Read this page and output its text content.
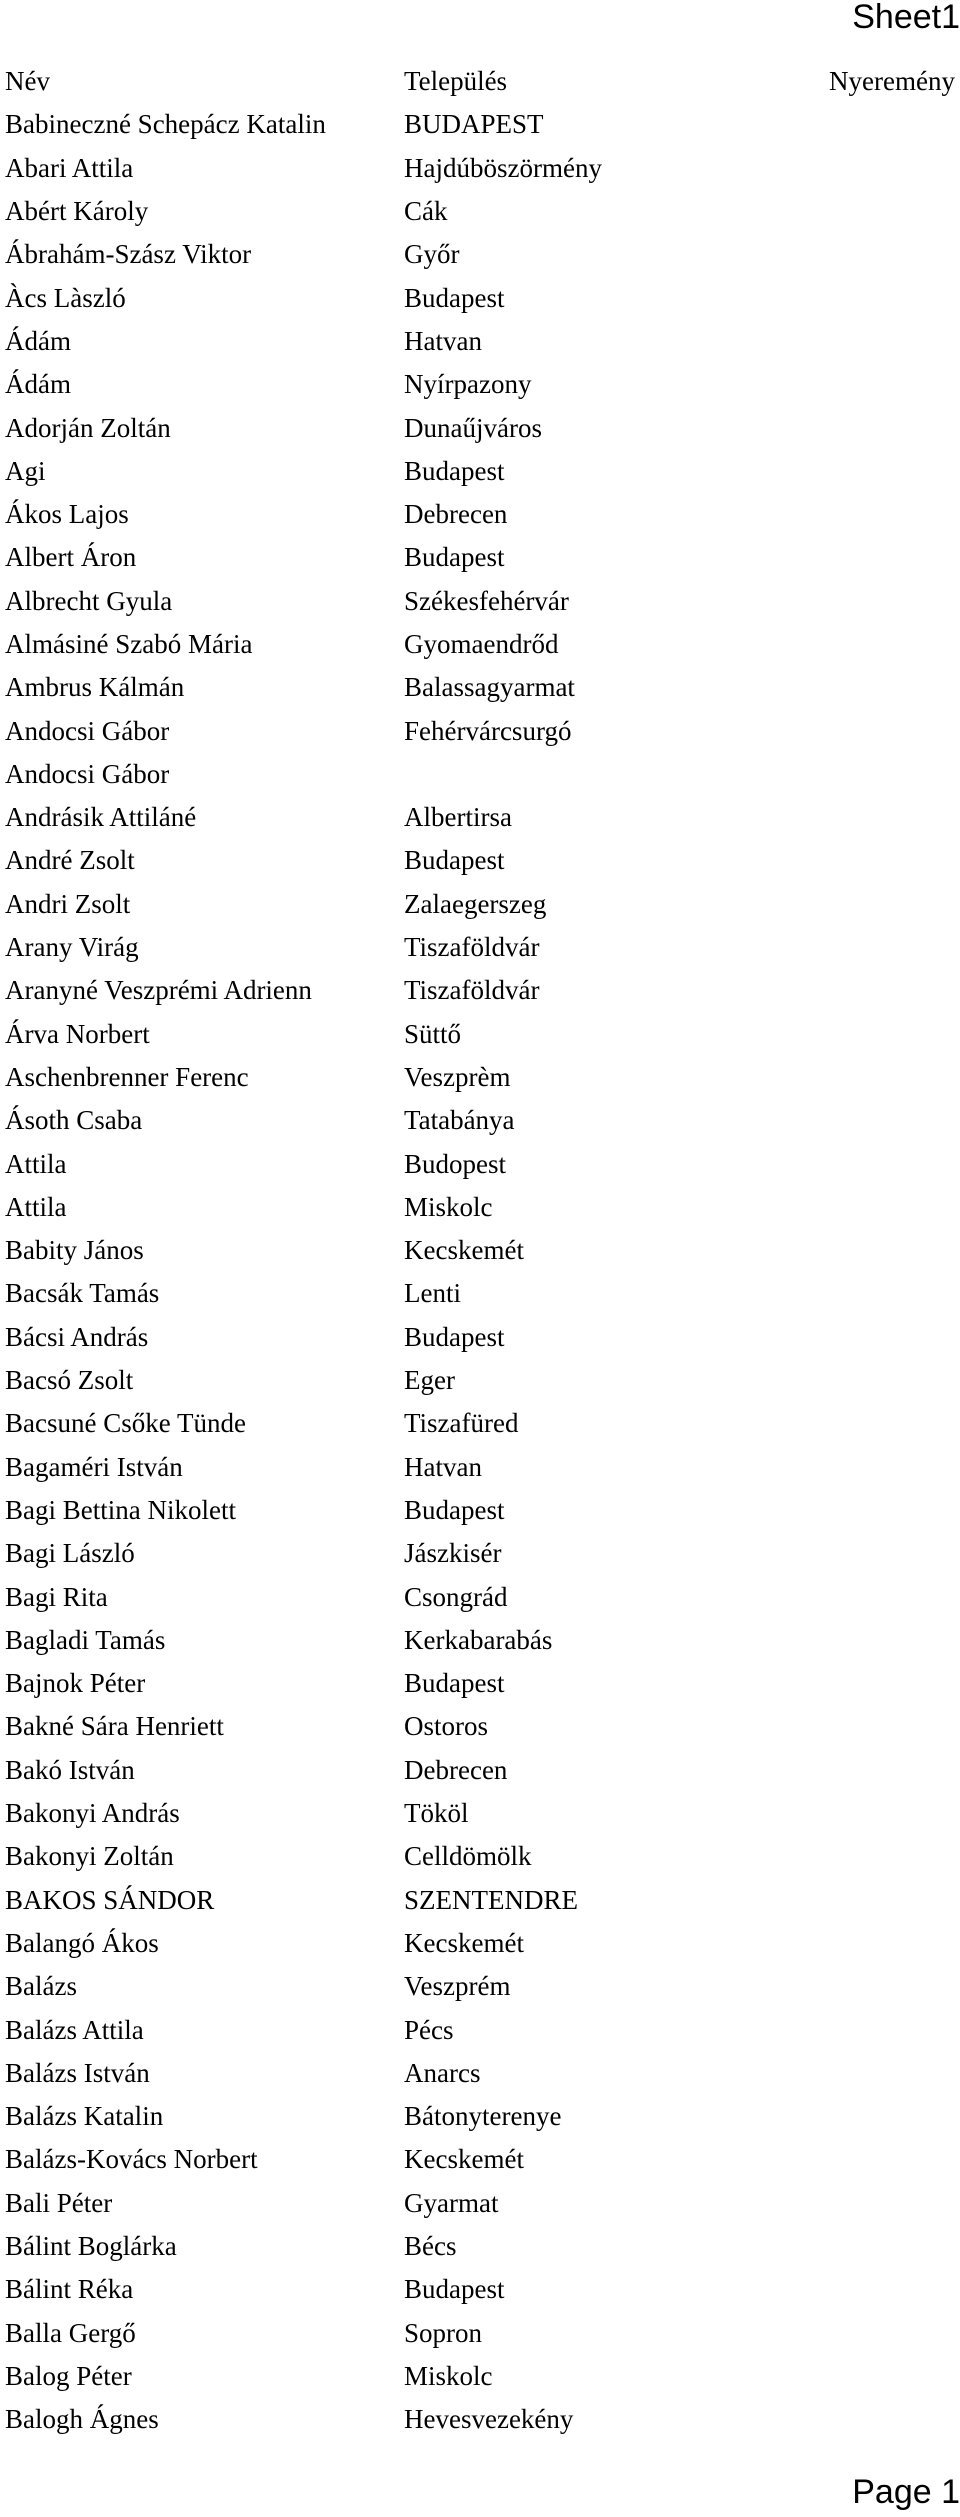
Sheet1
Név	Település	Nyeremény
Babineczné Schepácz Katalin	BUDAPEST	
Abari Attila	Hajdúböszörmény	
Abért Károly	Cák	
Ábrahám-Szász Viktor	Győr	
Àcs Làszló	Budapest	
Ádám	Hatvan	
Ádám	Nyírpazony	
Adorján Zoltán	Dunaűjváros	
Agi	Budapest	
Ákos Lajos	Debrecen	
Albert Áron	Budapest	
Albrecht Gyula	Székesfehérvár	
Almásiné Szabó Mária	Gyomaendrőd	
Ambrus Kálmán	Balassagyarmat	
Andocsi Gábor	Fehérvárcsurgó	
Andocsi Gábor		
Andrásik Attiláné	Albertirsa	
André Zsolt	Budapest	
Andri Zsolt	Zalaegerszeg	
Arany Virág	Tiszaföldvár	
Aranyné Veszprémi Adrienn	Tiszaföldvár	
Árva Norbert	Süttő	
Aschenbrenner Ferenc	Veszprèm	
Ásoth Csaba	Tatabánya	
Attila	Budopest	
Attila	Miskolc	
Babity János	Kecskemét	
Bacsák Tamás	Lenti	
Bácsi András	Budapest	
Bacsó Zsolt	Eger	
Bacsuné Csőke Tünde	Tiszafüred	
Bagaméri István	Hatvan	
Bagi Bettina Nikolett	Budapest	
Bagi László	Jászkisér	
Bagi Rita	Csongrád	
Bagladi Tamás	Kerkabarabás	
Bajnok Péter	Budapest	
Bakné Sára Henriett	Ostoros	
Bakó István	Debrecen	
Bakonyi András	Tököl	
Bakonyi Zoltán	Celldömölk	
BAKOS SÁNDOR	SZENTENDRE	
Balangó Ákos	Kecskemét	
Balázs	Veszprém	
Balázs Attila	Pécs	
Balázs István	Anarcs	
Balázs Katalin	Bátonyterenye	
Balázs-Kovács Norbert	Kecskemét	
Bali Péter	Gyarmat	
Bálint Boglárka	Bécs	
Bálint Réka	Budapest	
Balla Gergő	Sopron	
Balog Péter	Miskolc	
Balogh Ágnes	Hevesvezekény	
Page 1
